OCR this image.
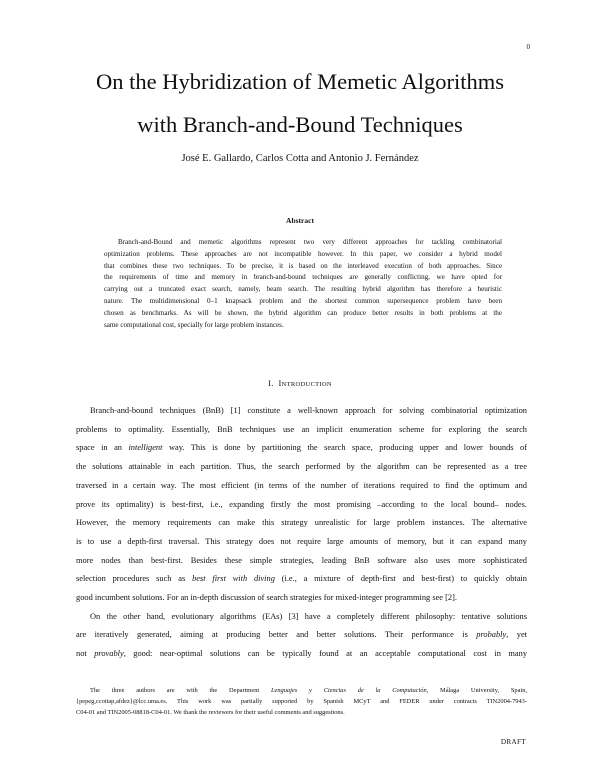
0
On the Hybridization of Memetic Algorithms
with Branch-and-Bound Techniques
José E. Gallardo, Carlos Cotta and Antonio J. Fernández
Abstract

Branch-and-Bound and memetic algorithms represent two very different approaches for tackling combinatorial
optimization problems. These approaches are not incompatible however. In this paper, we consider a hybrid model
that combines these two techniques. To be precise, it is based on the interleaved execution of both approaches. Since
the requirements of time and memory in branch-and-bound techniques are generally conflicting, we have opted for
carrying out a truncated exact search, namely, beam search. The resulting hybrid algorithm has therefore a heuristic
nature. The multidimensional 0–1 knapsack problem and the shortest common supersequence problem have been
chosen as benchmarks. As will be shown, the hybrid algorithm can produce better results in both problems at the
same computational cost, specially for large problem instances.

I. INTRODUCTION

Branch-and-bound techniques (BnB) [1] constitute a well-known approach for solving combinatorial optimization
problems to optimality. Essentially, BnB techniques use an implicit enumeration scheme for exploring the search
space in an intelligent way. This is done by partitioning the search space, producing upper and lower bounds of
the solutions attainable in each partition. Thus, the search performed by the algorithm can be represented as a tree
traversed in a certain way. The most efficient (in terms of the number of iterations required to find the optimum and
prove its optimality) is best-first, i.e., expanding firstly the most promising –according to the local bound– nodes.
However, the memory requirements can make this strategy unrealistic for large problem instances. The alternative
is to use a depth-first traversal. This strategy does not require large amounts of memory, but it can expand many
more nodes than best-first. Besides these simple strategies, leading BnB software also uses more sophisticated
selection procedures such as best first with diving (i.e., a mixture of depth-first and best-first) to quickly obtain
good incumbent solutions. For an in-depth discussion of search strategies for mixed-integer programming see [2].

On the other hand, evolutionary algorithms (EAs) [3] have a completely different philosophy: tentative solutions
are iteratively generated, aiming at producing better and better solutions. Their performance is probably, yet
not provably, good: near-optimal solutions can be typically found at an acceptable computational cost in many

The three authors are with the Department Lenguajes y Ciencias de la Computación, Málaga University, Spain,
{pepeg,ccottap,afdez}@lcc.uma.es. This work was partially supported by Spanish MCyT and FEDER under contracts TIN2004-7943-
C04-01 and TIN2005-08818-C04-01. We thank the reviewers for their useful comments and suggestions.
DRAFT
